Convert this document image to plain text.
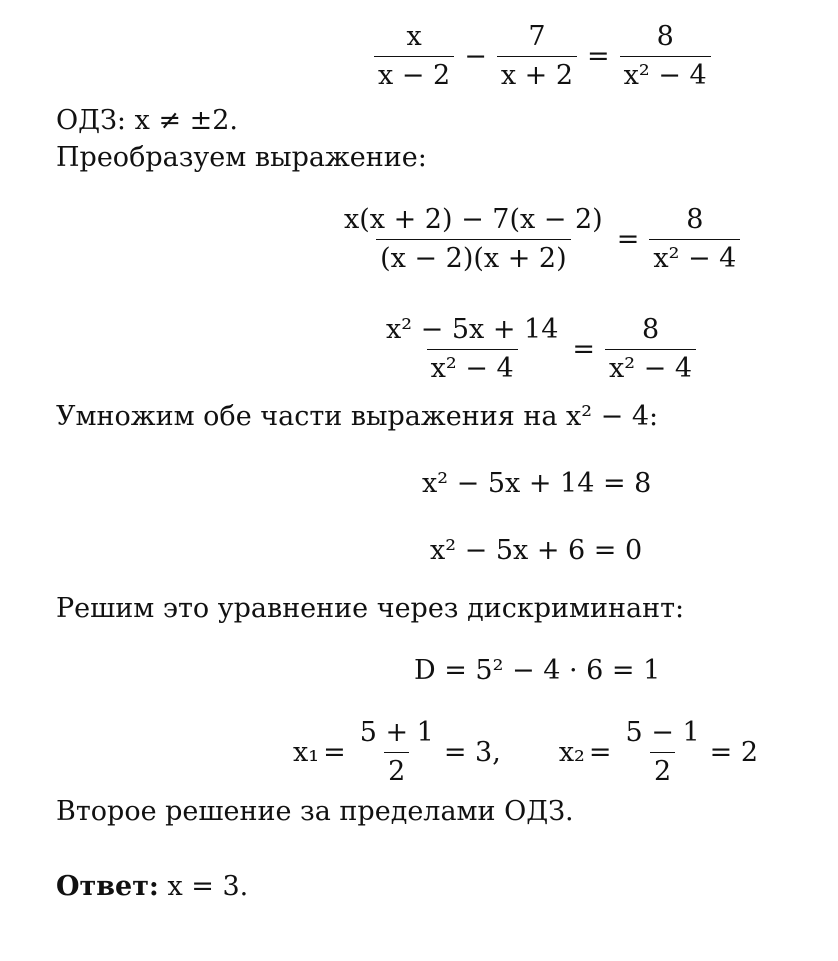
$\frac{x}{x - 2} - \frac{7}{x + 2} = \frac{8}{\text{x² − 4}}$
ОДЗ: x ≠ ±2.
Преобразуем выражение:
$\frac{x(x + 2) - 7(x - 2)}{(x - 2)(x + 2)} = \frac{8}{\text{x² − 4}}$
$\frac{\text{x² − 5x + 14}}{\text{x² − 4}} = \frac{8}{\text{x² − 4}}$
Умножим обе части выражения на x² − 4:
x² − 5x + 14 = 8
x² − 5x + 6 = 0
Решим это уравнение через дискриминант:
D = 5² − 4 · 6 = 1
$x_1 = \frac{5 + 1}{2} = 3$, $x_2 = \frac{5 - 1}{2} = 2$
Второе решение за пределами ОДЗ.
Ответ: x = 3.
